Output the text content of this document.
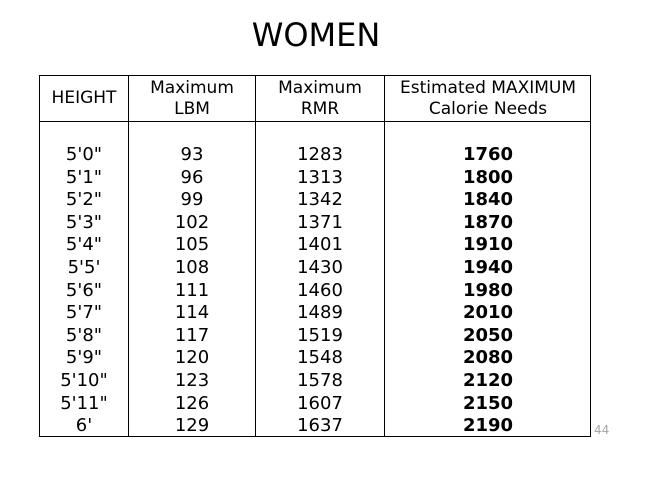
WOMEN
HEIGHT
Maximum
LBM
Maximum
RMR
Estimated MAXIMUM
Calorie Needs
5'0"
5'1"
5'2"
5'3"
5'4"
5'5'
5'6"
5'7"
5'8"
5'9"
5'10"
5'11"
6'
93
96
99
102
105
108
111
114
117
120
123
126
129
1283
1313
1342
1371
1401
1430
1460
1489
1519
1548
1578
1607
1637
1760
1800
1840
1870
1910
1940
1980
2010
2050
2080
2120
2150
2190	44
